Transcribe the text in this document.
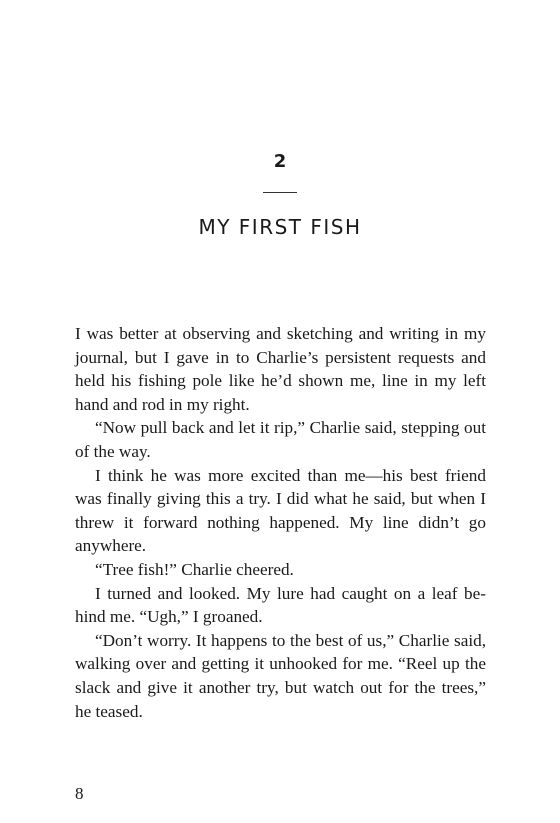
2
MY FIRST FISH

I was better at observing and sketching and writing in my journal, but I gave in to Charlie’s persistent requests and held his fishing pole like he’d shown me, line in my left hand and rod in my right.

“Now pull back and let it rip,” Charlie said, stepping out of the way.

I think he was more excited than me—his best friend was finally giving this a try. I did what he said, but when I threw it forward nothing happened. My line didn’t go anywhere.

“Tree fish!” Charlie cheered.

I turned and looked. My lure had caught on a leaf behind me. “Ugh,” I groaned.

“Don’t worry. It happens to the best of us,” Charlie said, walking over and getting it unhooked for me. “Reel up the slack and give it another try, but watch out for the trees,” he teased.

8
